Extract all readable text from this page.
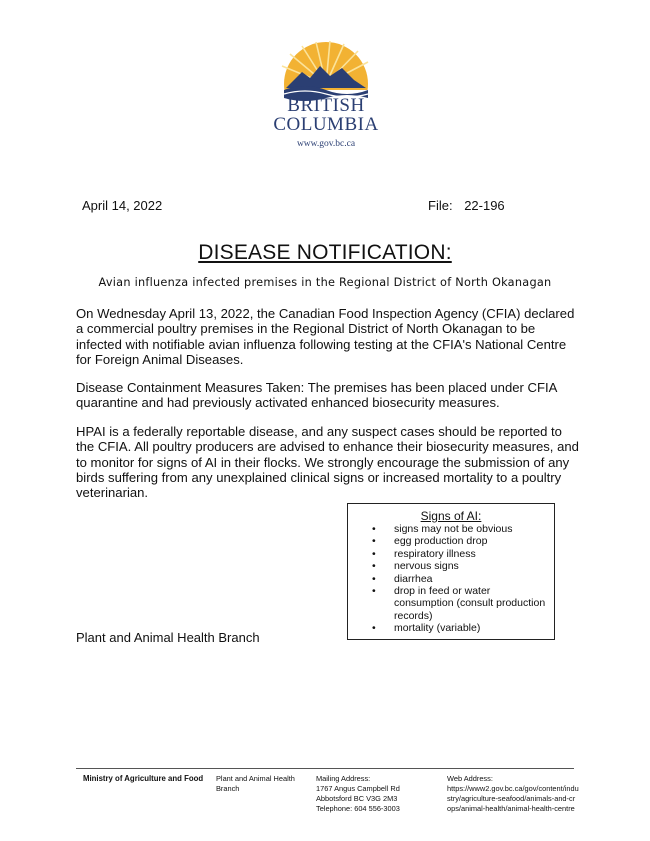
BRITISH
COLUMBIA
www.gov.bc.ca
April 14, 2022	File: 22-196
DISEASE NOTIFICATION:
Avian influenza infected premises in the Regional District of North Okanagan

On Wednesday April 13, 2022, the Canadian Food Inspection Agency (CFIA) declared a commercial poultry premises in the Regional District of North Okanagan to be infected with notifiable avian influenza following testing at the CFIA's National Centre for Foreign Animal Diseases.

Disease Containment Measures Taken: The premises has been placed under CFIA quarantine and had previously activated enhanced biosecurity measures.

HPAI is a federally reportable disease, and any suspect cases should be reported to the CFIA. All poultry producers are advised to enhance their biosecurity measures, and to monitor for signs of AI in their flocks. We strongly encourage the submission of any birds suffering from any unexplained clinical signs or increased mortality to a poultry veterinarian.

Signs of AI:
• signs may not be obvious
• egg production drop
• respiratory illness
• nervous signs
• diarrhea
• drop in feed or water consumption (consult production records)
• mortality (variable)
Plant and Animal Health Branch
Ministry of Agriculture and Food Plant and Animal Health Branch
Mailing Address:
1767 Angus Campbell Rd
Abbotsford BC V3G 2M3
Telephone: 604 556-3003
Web Address:
https://www2.gov.bc.ca/gov/content/industry/agriculture-seafood/animals-and-crops/animal-health/animal-health-centre
